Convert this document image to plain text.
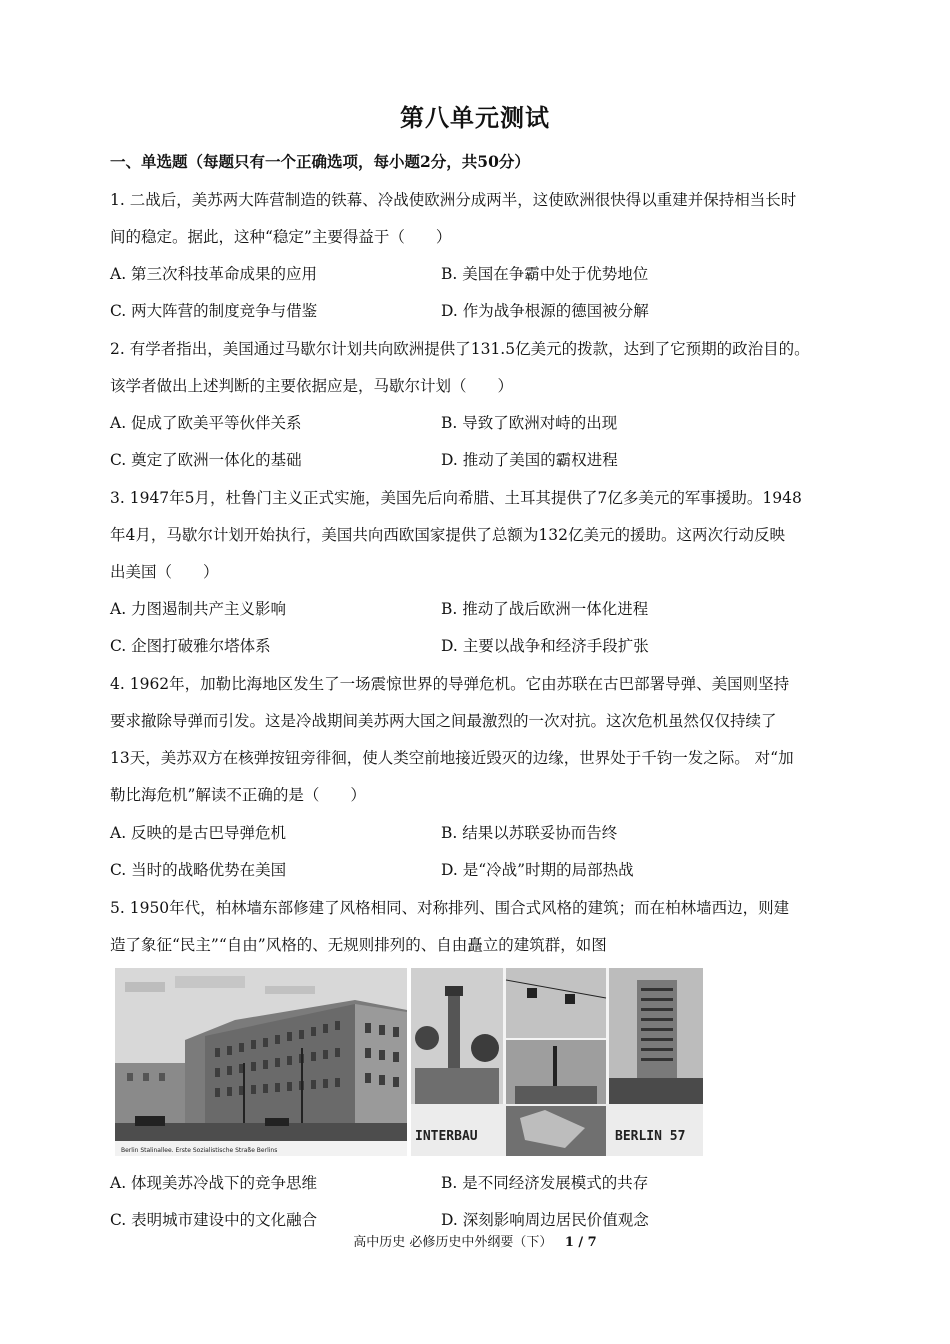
第八单元测试
一、单选题（每题只有一个正确选项，每小题2分，共50分）
1. 二战后，美苏两大阵营制造的铁幕、冷战使欧洲分成两半，这使欧洲很快得以重建并保持相当长时
间的稳定。据此，这种“稳定”主要得益于（　　）
A. 第三次科技革命成果的应用	B. 美国在争霸中处于优势地位
C. 两大阵营的制度竞争与借鉴	D. 作为战争根源的德国被分解
2. 有学者指出，美国通过马歇尔计划共向欧洲提供了131.5亿美元的拨款，达到了它预期的政治目的。
该学者做出上述判断的主要依据应是，马歇尔计划（　　）
A. 促成了欧美平等伙伴关系	B. 导致了欧洲对峙的出现
C. 奠定了欧洲一体化的基础	D. 推动了美国的霸权进程
3. 1947年5月，杜鲁门主义正式实施，美国先后向希腊、土耳其提供了7亿多美元的军事援助。1948
年4月，马歇尔计划开始执行，美国共向西欧国家提供了总额为132亿美元的援助。这两次行动反映
出美国（　　）
A. 力图遏制共产主义影响	B. 推动了战后欧洲一体化进程
C. 企图打破雅尔塔体系	D. 主要以战争和经济手段扩张
4. 1962年，加勒比海地区发生了一场震惊世界的导弹危机。它由苏联在古巴部署导弹、美国则坚持
要求撤除导弹而引发。这是冷战期间美苏两大国之间最激烈的一次对抗。这次危机虽然仅仅持续了
13天，美苏双方在核弹按钮旁徘徊，使人类空前地接近毁灭的边缘，世界处于千钧一发之际。 对“加
勒比海危机”解读不正确的是（　　）
A. 反映的是古巴导弹危机	B. 结果以苏联妥协而告终
C. 当时的战略优势在美国	D. 是“冷战”时期的局部热战
5. 1950年代，柏林墙东部修建了风格相同、对称排列、围合式风格的建筑；而在柏林墙西边，则建
造了象征“民主”“自由”风格的、无规则排列的、自由矗立的建筑群，如图
Berlin Stalinallee. Erste Sozialistische Straße Berlins
INTERBAU	BERLIN 57
A. 体现美苏冷战下的竞争思维	B. 是不同经济发展模式的共存
C. 表明城市建设中的文化融合	D. 深刻影响周边居民价值观念
高中历史 必修历史中外纲要（下） 1 / 7
